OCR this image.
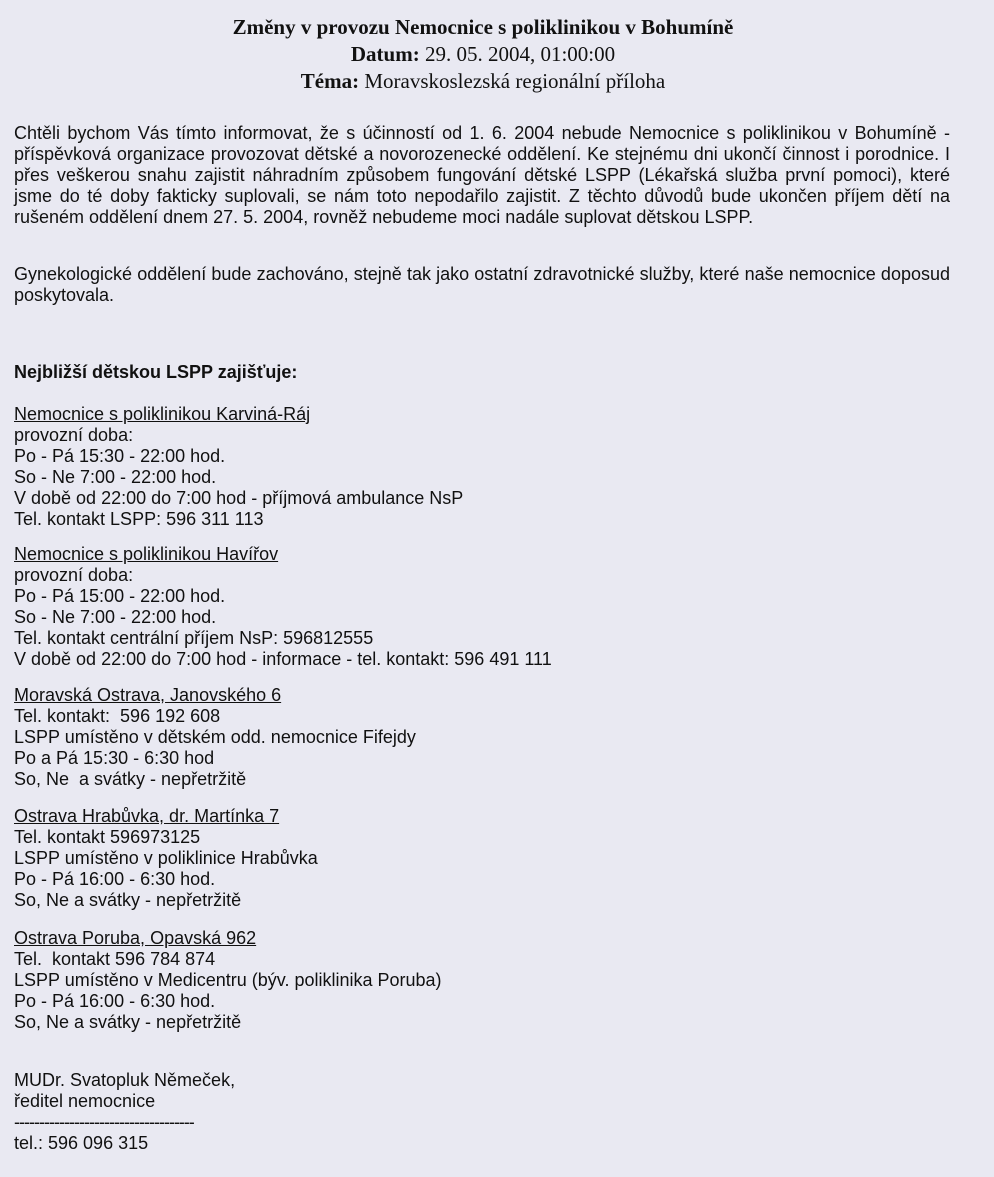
Změny v provozu Nemocnice s poliklinikou v Bohumíně
Datum: 29. 05. 2004, 01:00:00
Téma: Moravskoslezská regionální příloha
Chtěli bychom Vás tímto informovat, že s účinností od 1. 6. 2004 nebude Nemocnice s poliklinikou v Bohumíně - příspěvková organizace provozovat dětské a novorozenecké oddělení. Ke stejnému dni ukončí činnost i porodnice. I přes veškerou snahu zajistit náhradním způsobem fungování dětské LSPP (Lékařská služba první pomoci), které jsme do té doby fakticky suplovali, se nám toto nepodařilo zajistit. Z těchto důvodů bude ukončen příjem dětí na rušeném oddělení dnem 27. 5. 2004, rovněž nebudeme moci nadále suplovat dětskou LSPP.
Gynekologické oddělení bude zachováno, stejně tak jako ostatní zdravotnické služby, které naše nemocnice doposud poskytovala.
Nejbližší dětskou LSPP zajišťuje:
Nemocnice s poliklinikou Karviná-Ráj
provozní doba:
Po - Pá 15:30 - 22:00 hod.
So - Ne 7:00 - 22:00 hod.
V době od 22:00 do 7:00 hod - příjmová ambulance NsP
Tel. kontakt LSPP: 596 311 113
Nemocnice s poliklinikou Havířov
provozní doba:
Po - Pá 15:00 - 22:00 hod.
So - Ne 7:00 - 22:00 hod.
Tel. kontakt centrální příjem NsP: 596812555
V době od 22:00 do 7:00 hod - informace - tel. kontakt: 596 491 111
Moravská Ostrava, Janovského 6
Tel. kontakt:  596 192 608
LSPP umístěno v dětském odd. nemocnice Fifejdy
Po a Pá 15:30 - 6:30 hod
So, Ne  a svátky - nepřetržitě
Ostrava Hrabůvka, dr. Martínka 7
Tel. kontakt 596973125
LSPP umístěno v poliklinice Hrabůvka
Po - Pá 16:00 - 6:30 hod.
So, Ne a svátky - nepřetržitě
Ostrava Poruba, Opavská 962
Tel.  kontakt 596 784 874
LSPP umístěno v Medicentru (býv. poliklinika Poruba)
Po - Pá 16:00 - 6:30 hod.
So, Ne a svátky - nepřetržitě
MUDr. Svatopluk Němeček,
ředitel nemocnice
------------------------------------
tel.: 596 096 315
